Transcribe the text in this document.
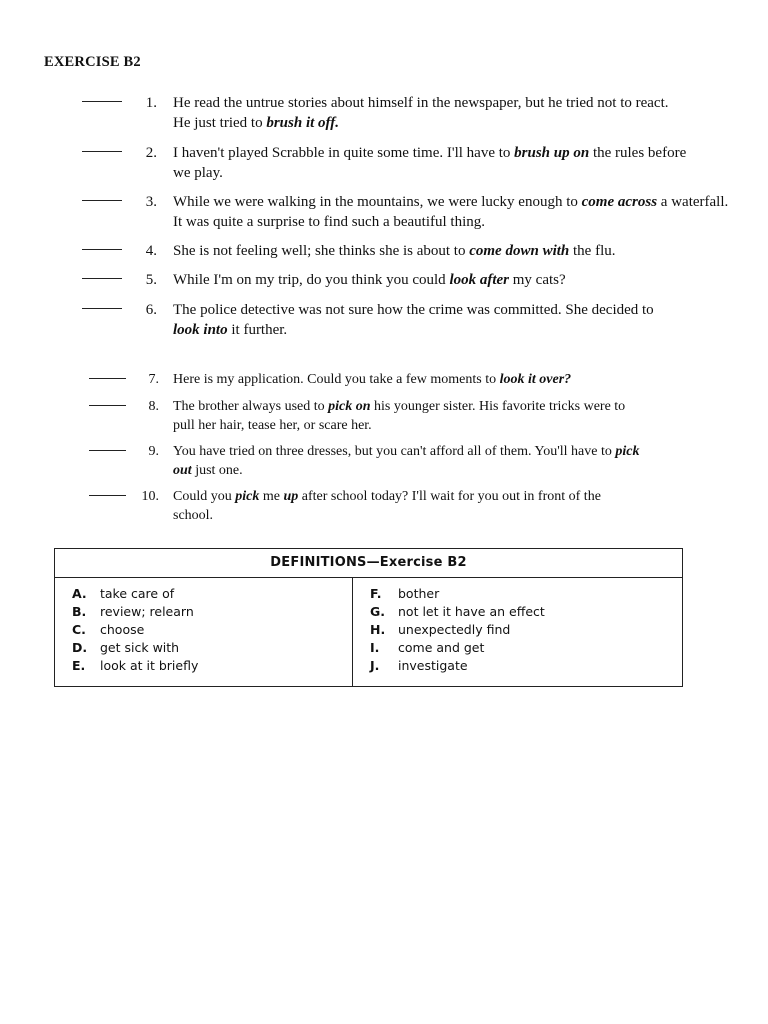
EXERCISE B2
1. He read the untrue stories about himself in the newspaper, but he tried not to react. He just tried to brush it off.
2. I haven't played Scrabble in quite some time. I'll have to brush up on the rules before we play.
3. While we were walking in the mountains, we were lucky enough to come across a waterfall. It was quite a surprise to find such a beautiful thing.
4. She is not feeling well; she thinks she is about to come down with the flu.
5. While I'm on my trip, do you think you could look after my cats?
6. The police detective was not sure how the crime was committed. She decided to look into it further.
7. Here is my application. Could you take a few moments to look it over?
8. The brother always used to pick on his younger sister. His favorite tricks were to pull her hair, tease her, or scare her.
9. You have tried on three dresses, but you can't afford all of them. You'll have to pick out just one.
10. Could you pick me up after school today? I'll wait for you out in front of the school.
DEFINITIONS—Exercise B2
A. take care of
B. review; relearn
C. choose
D. get sick with
E. look at it briefly
F. bother
G. not let it have an effect
H. unexpectedly find
I. come and get
J. investigate
